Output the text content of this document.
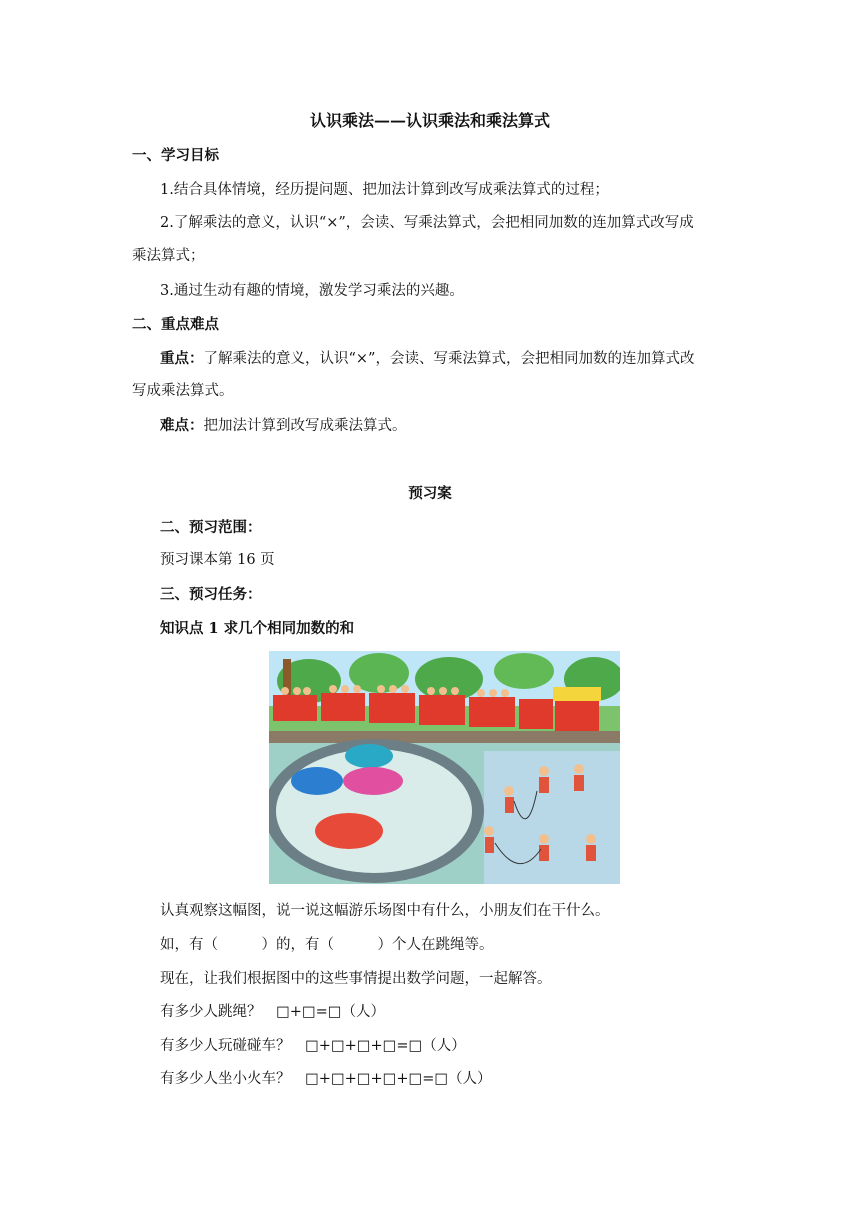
认识乘法——认识乘法和乘法算式
一、学习目标
1.结合具体情境，经历提问题、把加法计算到改写成乘法算式的过程；
2.了解乘法的意义，认识“×”，会读、写乘法算式，会把相同加数的连加算式改写成
乘法算式；
3.通过生动有趣的情境，激发学习乘法的兴趣。
二、重点难点
重点：了解乘法的意义，认识“×”，会读、写乘法算式，会把相同加数的连加算式改
写成乘法算式。
难点：把加法计算到改写成乘法算式。
预习案
二、预习范围：
预习课本第 16 页
三、预习任务：
知识点 1 求几个相同加数的和
认真观察这幅图，说一说这幅游乐场图中有什么，小朋友们在干什么。
如，有（　　　）的，有（　　　）个人在跳绳等。
现在，让我们根据图中的这些事情提出数学问题，一起解答。
有多少人跳绳？ □+□=□（人）
有多少人玩碰碰车？ □+□+□+□=□（人）
有多少人坐小火车？ □+□+□+□+□=□（人）
